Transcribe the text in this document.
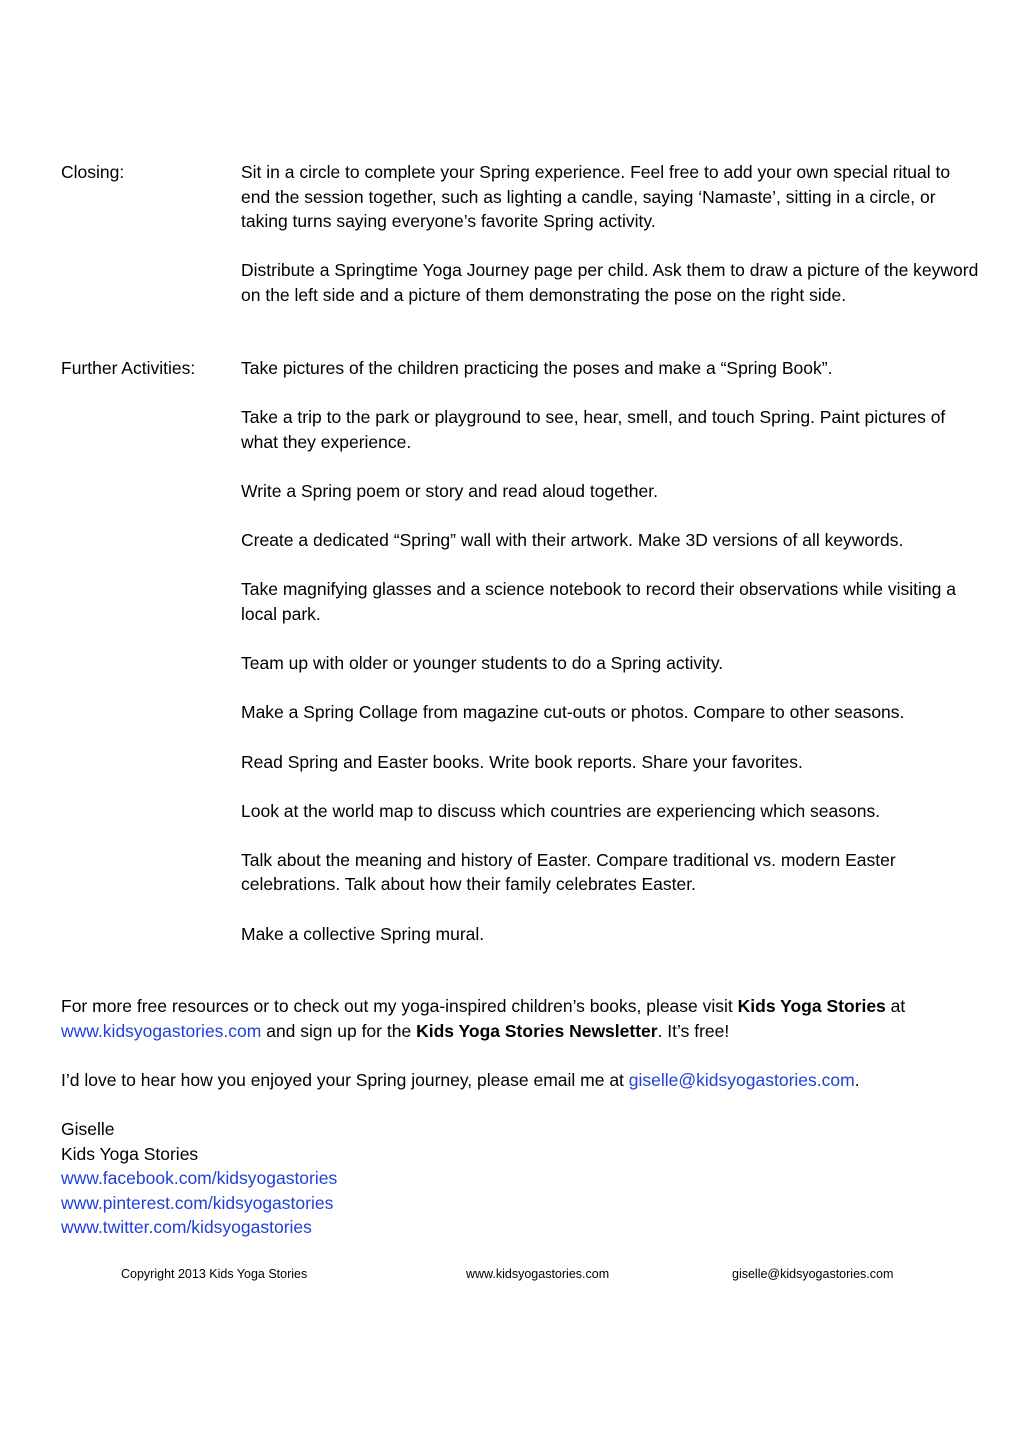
Closing:	Sit in a circle to complete your Spring experience. Feel free to add your own special ritual to end the session together, such as lighting a candle, saying ‘Namaste’, sitting in a circle, or taking turns saying everyone’s favorite Spring activity.

Distribute a Springtime Yoga Journey page per child. Ask them to draw a picture of the keyword on the left side and a picture of them demonstrating the pose on the right side.

Further Activities:	Take pictures of the children practicing the poses and make a “Spring Book”.

Take a trip to the park or playground to see, hear, smell, and touch Spring. Paint pictures of what they experience.

Write a Spring poem or story and read aloud together.

Create a dedicated “Spring” wall with their artwork. Make 3D versions of all keywords.

Take magnifying glasses and a science notebook to record their observations while visiting a local park.

Team up with older or younger students to do a Spring activity.

Make a Spring Collage from magazine cut-outs or photos. Compare to other seasons.

Read Spring and Easter books. Write book reports. Share your favorites.

Look at the world map to discuss which countries are experiencing which seasons.

Talk about the meaning and history of Easter. Compare traditional vs. modern Easter celebrations. Talk about how their family celebrates Easter.

Make a collective Spring mural.

For more free resources or to check out my yoga-inspired children’s books, please visit Kids Yoga Stories at
www.kidsyogastories.com and sign up for the Kids Yoga Stories Newsletter. It’s free!

I’d love to hear how you enjoyed your Spring journey, please email me at giselle@kidsyogastories.com.

Giselle

Kids Yoga Stories

www.facebook.com/kidsyogastories

www.pinterest.com/kidsyogastories

www.twitter.com/kidsyogastories

Copyright 2013 Kids Yoga Stories	www.kidsyogastories.com	giselle@kidsyogastories.com
